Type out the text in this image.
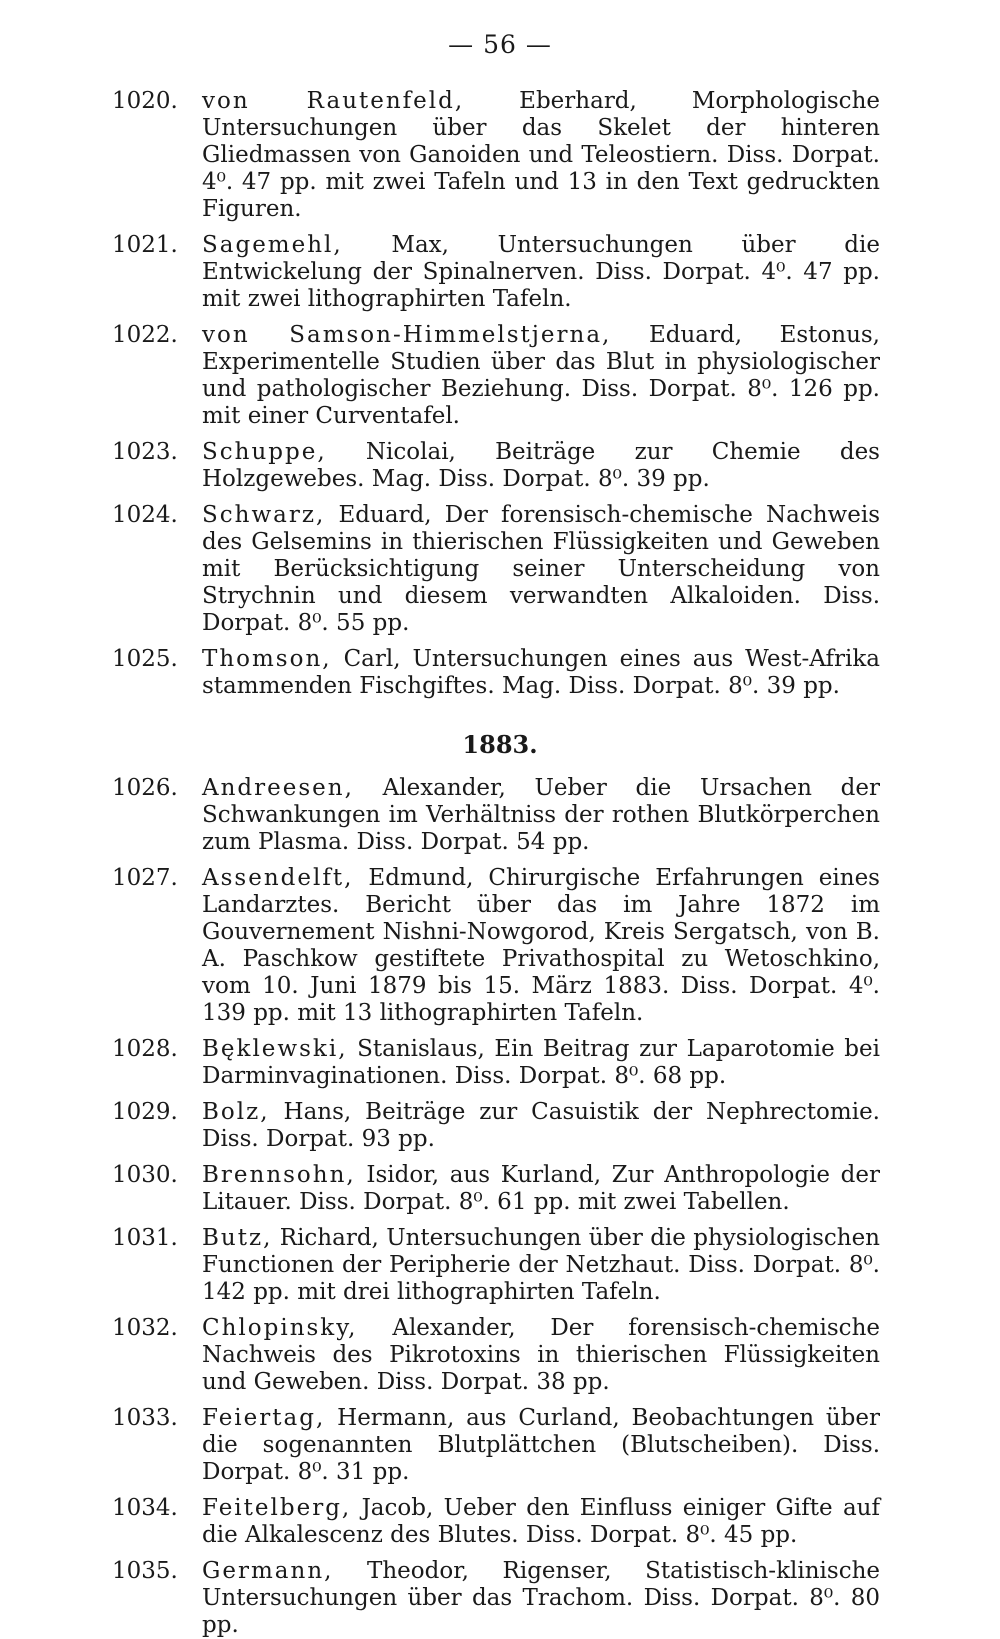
— 56 —

1020.	von Rautenfeld, Eberhard, Morphologische Untersuchungen über das Skelet der hinteren Gliedmassen von Ganoiden und Teleostiern. Diss. Dorpat. 4⁰. 47 pp. mit zwei Tafeln und 13 in den Text gedruckten Figuren.

1021.	Sagemehl, Max, Untersuchungen über die Entwickelung der Spinalnerven. Diss. Dorpat. 4⁰. 47 pp. mit zwei lithographirten Tafeln.

1022.	von Samson-Himmelstjerna, Eduard, Estonus, Experimentelle Studien über das Blut in physiologischer und pathologischer Beziehung. Diss. Dorpat. 8⁰. 126 pp. mit einer Curventafel.

1023.	Schuppe, Nicolai, Beiträge zur Chemie des Holzgewebes. Mag. Diss. Dorpat. 8⁰. 39 pp.

1024.	Schwarz, Eduard, Der forensisch-chemische Nachweis des Gelsemins in thierischen Flüssigkeiten und Geweben mit Berücksichtigung seiner Unterscheidung von Strychnin und diesem verwandten Alkaloiden. Diss. Dorpat. 8⁰. 55 pp.

1025.	Thomson, Carl, Untersuchungen eines aus West-Afrika stammenden Fischgiftes. Mag. Diss. Dorpat. 8⁰. 39 pp.

1883.

1026.	Andreesen, Alexander, Ueber die Ursachen der Schwankungen im Verhältniss der rothen Blutkörperchen zum Plasma. Diss. Dorpat. 54 pp.

1027.	Assendelft, Edmund, Chirurgische Erfahrungen eines Landarztes. Bericht über das im Jahre 1872 im Gouvernement Nishni-Nowgorod, Kreis Sergatsch, von B. A. Paschkow gestiftete Privathospital zu Wetoschkino, vom 10. Juni 1879 bis 15. März 1883. Diss. Dorpat. 4⁰. 139 pp. mit 13 lithographirten Tafeln.

1028.	Bęklewski, Stanislaus, Ein Beitrag zur Laparotomie bei Darminvaginationen. Diss. Dorpat. 8⁰. 68 pp.

1029.	Bolz, Hans, Beiträge zur Casuistik der Nephrectomie. Diss. Dorpat. 93 pp.

1030.	Brennsohn, Isidor, aus Kurland, Zur Anthropologie der Litauer. Diss. Dorpat. 8⁰. 61 pp. mit zwei Tabellen.

1031.	Butz, Richard, Untersuchungen über die physiologischen Functionen der Peripherie der Netzhaut. Diss. Dorpat. 8⁰. 142 pp. mit drei lithographirten Tafeln.

1032.	Chlopinsky, Alexander, Der forensisch-chemische Nachweis des Pikrotoxins in thierischen Flüssigkeiten und Geweben. Diss. Dorpat. 38 pp.

1033.	Feiertag, Hermann, aus Curland, Beobachtungen über die sogenannten Blutplättchen (Blutscheiben). Diss. Dorpat. 8⁰. 31 pp.

1034.	Feitelberg, Jacob, Ueber den Einfluss einiger Gifte auf die Alkalescenz des Blutes. Diss. Dorpat. 8⁰. 45 pp.

1035.	Germann, Theodor, Rigenser, Statistisch-klinische Untersuchungen über das Trachom. Diss. Dorpat. 8⁰. 80 pp.
